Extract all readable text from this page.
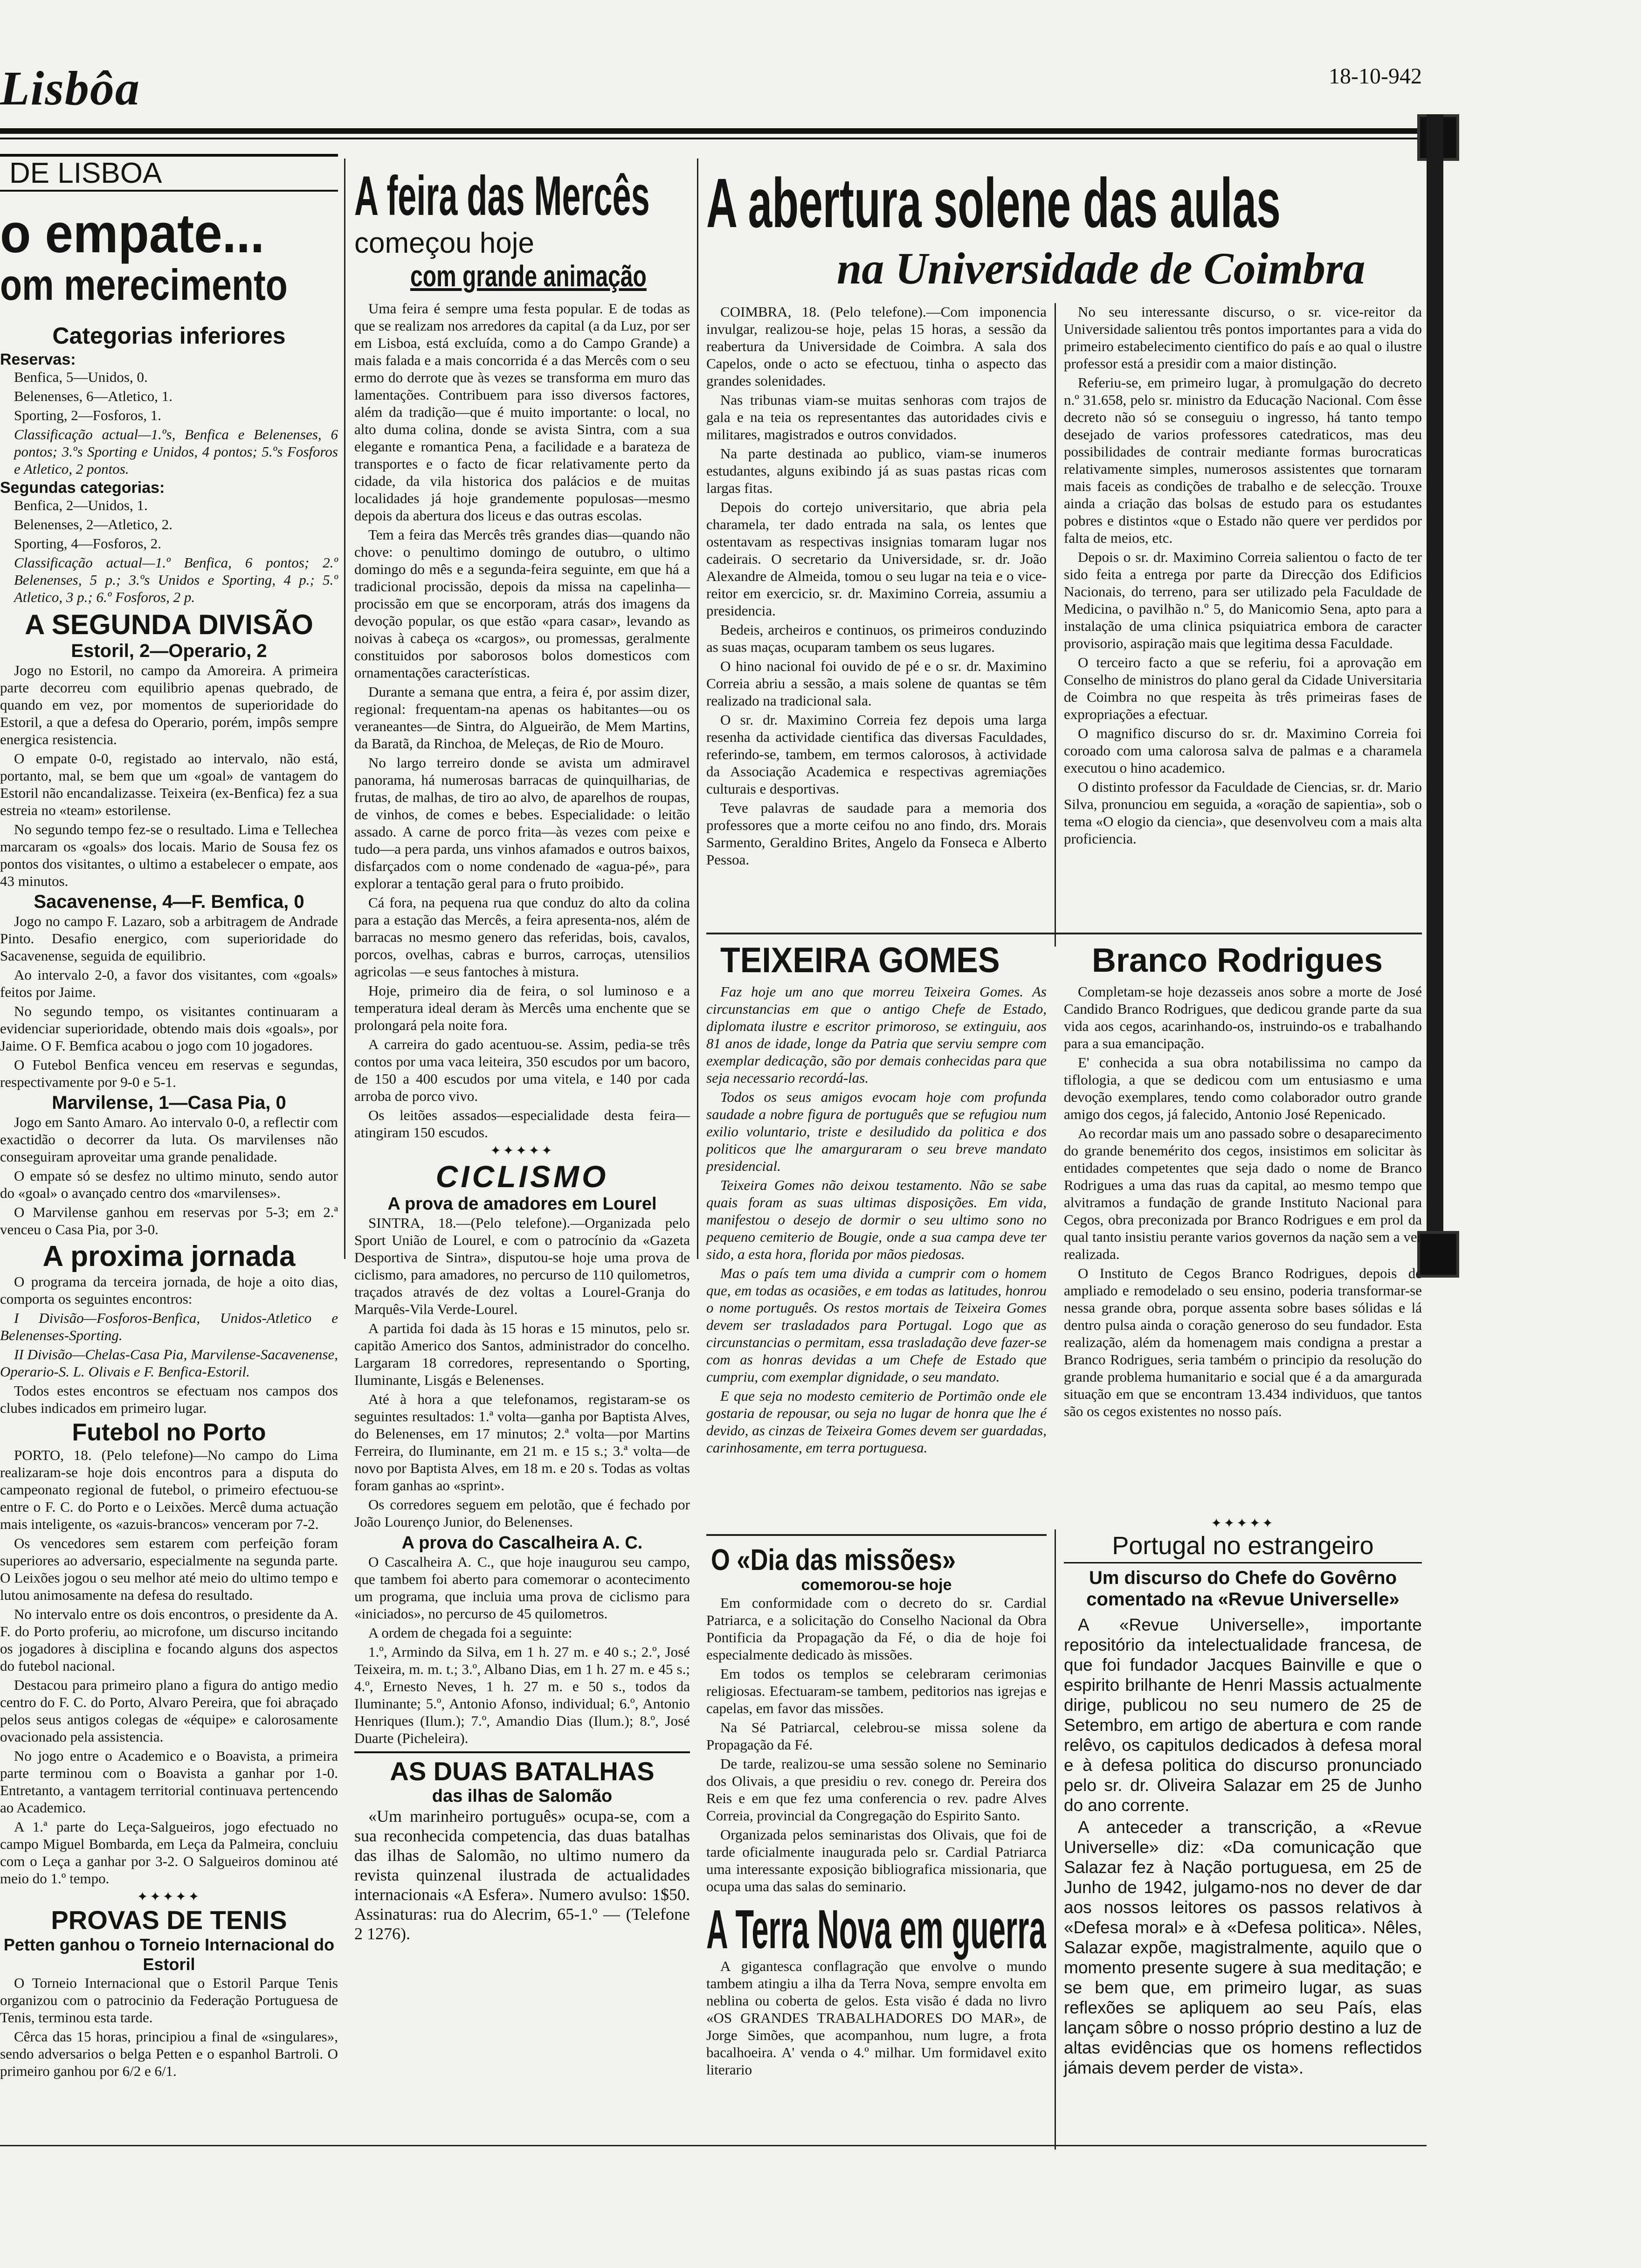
Lisbôa	18-10-942
DE LISBOA
o empate...
om merecimento
Categorias inferiores
Reservas:

Benfica, 5—Unidos, 0.

Belenenses, 6—Atletico, 1.

Sporting, 2—Fosforos, 1.

Classificação actual—1.ºs, Benfica e Belenenses, 6 pontos; 3.ºs Sporting e Unidos, 4 pontos; 5.ºs Fosforos e Atletico, 2 pontos.

Segundas categorias:

Benfica, 2—Unidos, 1.

Belenenses, 2—Atletico, 2.

Sporting, 4—Fosforos, 2.

Classificação actual—1.º Benfica, 6 pontos; 2.º Belenenses, 5 p.; 3.ºs Unidos e Sporting, 4 p.; 5.º Atletico, 3 p.; 6.º Fosforos, 2 p.

A SEGUNDA DIVISÃO
Estoril, 2—Operario, 2

Jogo no Estoril, no campo da Amoreira. A primeira parte decorreu com equilibrio apenas quebrado, de quando em vez, por momentos de superioridade do Estoril, a que a defesa do Operario, porém, impôs sempre energica resistencia.

O empate 0-0, registado ao intervalo, não está, portanto, mal, se bem que um «goal» de vantagem do Estoril não encandalizasse. Teixeira (ex-Benfica) fez a sua estreia no «team» estorilense.

No segundo tempo fez-se o resultado. Lima e Tellechea marcaram os «goals» dos locais. Mario de Sousa fez os pontos dos visitantes, o ultimo a estabelecer o empate, aos 43 minutos.

Sacavenense, 4—F. Bemfica, 0

Jogo no campo F. Lazaro, sob a arbitragem de Andrade Pinto. Desafio energico, com superioridade do Sacavenense, seguida de equilibrio.

Ao intervalo 2-0, a favor dos visitantes, com «goals» feitos por Jaime.

No segundo tempo, os visitantes continuaram a evidenciar superioridade, obtendo mais dois «goals», por Jaime. O F. Bemfica acabou o jogo com 10 jogadores.

O Futebol Benfica venceu em reservas e segundas, respectivamente por 9-0 e 5-1.

Marvilense, 1—Casa Pia, 0

Jogo em Santo Amaro. Ao intervalo 0-0, a reflectir com exactidão o decorrer da luta. Os marvilenses não conseguiram aproveitar uma grande penalidade.

O empate só se desfez no ultimo minuto, sendo autor do «goal» o avançado centro dos «marvilenses».

O Marvilense ganhou em reservas por 5-3; em 2.ª venceu o Casa Pia, por 3-0.

A proxima jornada

O programa da terceira jornada, de hoje a oito dias, comporta os seguintes encontros:

I Divisão—Fosforos-Benfica, Unidos-Atletico e Belenenses-Sporting.

II Divisão—Chelas-Casa Pia, Marvilense-Sacavenense, Operario-S. L. Olivais e F. Benfica-Estoril.

Todos estes encontros se efectuam nos campos dos clubes indicados em primeiro lugar.

Futebol no Porto

PORTO, 18. (Pelo telefone)—No campo do Lima realizaram-se hoje dois encontros para a disputa do campeonato regional de futebol, o primeiro efectuou-se entre o F. C. do Porto e o Leixões. Mercê duma actuação mais inteligente, os «azuis-brancos» venceram por 7-2.

Os vencedores sem estarem com perfeição foram superiores ao adversario, especialmente na segunda parte. O Leixões jogou o seu melhor até meio do ultimo tempo e lutou animosamente na defesa do resultado.

No intervalo entre os dois encontros, o presidente da A. F. do Porto proferiu, ao microfone, um discurso incitando os jogadores à disciplina e focando alguns dos aspectos do futebol nacional.

Destacou para primeiro plano a figura do antigo medio centro do F. C. do Porto, Alvaro Pereira, que foi abraçado pelos seus antigos colegas de «équipe» e calorosamente ovacionado pela assistencia.

No jogo entre o Academico e o Boavista, a primeira parte terminou com o Boavista a ganhar por 1-0. Entretanto, a vantagem territorial continuava pertencendo ao Academico.

A 1.ª parte do Leça-Salgueiros, jogo efectuado no campo Miguel Bombarda, em Leça da Palmeira, concluiu com o Leça a ganhar por 3-2. O Salgueiros dominou até meio do 1.º tempo.

✦✦✦✦✦
PROVAS DE TENIS
Petten ganhou o Torneio Internacional do Estoril

O Torneio Internacional que o Estoril Parque Tenis organizou com o patrocinio da Federação Portuguesa de Tenis, terminou esta tarde.

Cêrca das 15 horas, principiou a final de «singulares», sendo adversarios o belga Petten e o espanhol Bartroli. O primeiro ganhou por 6/2 e 6/1.

A feira das Mercês
começou hoje
com grande animação

Uma feira é sempre uma festa popular. E de todas as que se realizam nos arredores da capital (a da Luz, por ser em Lisboa, está excluída, como a do Campo Grande) a mais falada e a mais concorrida é a das Mercês com o seu ermo do derrote que às vezes se transforma em muro das lamentações. Contribuem para isso diversos factores, além da tradição—que é muito importante: o local, no alto duma colina, donde se avista Sintra, com a sua elegante e romantica Pena, a facilidade e a barateza de transportes e o facto de ficar relativamente perto da cidade, da vila historica dos palácios e de muitas localidades já hoje grandemente populosas—mesmo depois da abertura dos liceus e das outras escolas.

Tem a feira das Mercês três grandes dias—quando não chove: o penultimo domingo de outubro, o ultimo domingo do mês e a segunda-feira seguinte, em que há a tradicional procissão, depois da missa na capelinha—procissão em que se encorporam, atrás dos imagens da devoção popular, os que estão «para casar», levando as noivas à cabeça os «cargos», ou promessas, geralmente constituidos por saborosos bolos domesticos com ornamentações características.

Durante a semana que entra, a feira é, por assim dizer, regional: frequentam-na apenas os habitantes—ou os veraneantes—de Sintra, do Algueirão, de Mem Martins, da Baratã, da Rinchoa, de Meleças, de Rio de Mouro.

No largo terreiro donde se avista um admiravel panorama, há numerosas barracas de quinquilharias, de frutas, de malhas, de tiro ao alvo, de aparelhos de roupas, de vinhos, de comes e bebes. Especialidade: o leitão assado. A carne de porco frita—às vezes com peixe e tudo—a pera parda, uns vinhos afamados e outros baixos, disfarçados com o nome condenado de «agua-pé», para explorar a tentação geral para o fruto proibido.

Cá fora, na pequena rua que conduz do alto da colina para a estação das Mercês, a feira apresenta-nos, além de barracas no mesmo genero das referidas, bois, cavalos, porcos, ovelhas, cabras e burros, carroças, utensilios agricolas —e seus fantoches à mistura.

Hoje, primeiro dia de feira, o sol luminoso e a temperatura ideal deram às Mercês uma enchente que se prolongará pela noite fora.

A carreira do gado acentuou-se. Assim, pedia-se três contos por uma vaca leiteira, 350 escudos por um bacoro, de 150 a 400 escudos por uma vitela, e 140 por cada arroba de porco vivo.

Os leitões assados—especialidade desta feira—atingiram 150 escudos.

✦✦✦✦✦
CICLISMO
A prova de amadores em Lourel

SINTRA, 18.—(Pelo telefone).—Organizada pelo Sport União de Lourel, e com o patrocínio da «Gazeta Desportiva de Sintra», disputou-se hoje uma prova de ciclismo, para amadores, no percurso de 110 quilometros, traçados através de dez voltas a Lourel-Granja do Marquês-Vila Verde-Lourel.

A partida foi dada às 15 horas e 15 minutos, pelo sr. capitão Americo dos Santos, administrador do concelho. Largaram 18 corredores, representando o Sporting, Iluminante, Lisgás e Belenenses.

Até à hora a que telefonamos, registaram-se os seguintes resultados: 1.ª volta—ganha por Baptista Alves, do Belenenses, em 17 minutos; 2.ª volta—por Martins Ferreira, do Iluminante, em 21 m. e 15 s.; 3.ª volta—de novo por Baptista Alves, em 18 m. e 20 s. Todas as voltas foram ganhas ao «sprint».

Os corredores seguem em pelotão, que é fechado por João Lourenço Junior, do Belenenses.

A prova do Cascalheira A. C.

O Cascalheira A. C., que hoje inaugurou seu campo, que tambem foi aberto para comemorar o acontecimento um programa, que incluia uma prova de ciclismo para «iniciados», no percurso de 45 quilometros.

A ordem de chegada foi a seguinte:

1.º, Armindo da Silva, em 1 h. 27 m. e 40 s.; 2.º, José Teixeira, m. m. t.; 3.º, Albano Dias, em 1 h. 27 m. e 45 s.; 4.º, Ernesto Neves, 1 h. 27 m. e 50 s., todos da Iluminante; 5.º, Antonio Afonso, individual; 6.º, Antonio Henriques (Ilum.); 7.º, Amandio Dias (Ilum.); 8.º, José Duarte (Picheleira).

AS DUAS BATALHAS
das ilhas de Salomão

«Um marinheiro português» ocupa-se, com a sua reconhecida competencia, das duas batalhas das ilhas de Salomão, no ultimo numero da revista quinzenal ilustrada de actualidades internacionais «A Esfera». Numero avulso: 1$50. Assinaturas: rua do Alecrim, 65-1.º — (Telefone 2 1276).

A abertura solene das aulas
na Universidade de Coimbra

COIMBRA, 18. (Pelo telefone).—Com imponencia invulgar, realizou-se hoje, pelas 15 horas, a sessão da reabertura da Universidade de Coimbra. A sala dos Capelos, onde o acto se efectuou, tinha o aspecto das grandes solenidades.

Nas tribunas viam-se muitas senhoras com trajos de gala e na teia os representantes das autoridades civis e militares, magistrados e outros convidados.

Na parte destinada ao publico, viam-se inumeros estudantes, alguns exibindo já as suas pastas ricas com largas fitas.

Depois do cortejo universitario, que abria pela charamela, ter dado entrada na sala, os lentes que ostentavam as respectivas insignias tomaram lugar nos cadeirais. O secretario da Universidade, sr. dr. João Alexandre de Almeida, tomou o seu lugar na teia e o vice-reitor em exercicio, sr. dr. Maximino Correia, assumiu a presidencia.

Bedeis, archeiros e continuos, os primeiros conduzindo as suas maças, ocuparam tambem os seus lugares.

O hino nacional foi ouvido de pé e o sr. dr. Maximino Correia abriu a sessão, a mais solene de quantas se têm realizado na tradicional sala.

O sr. dr. Maximino Correia fez depois uma larga resenha da actividade cientifica das diversas Faculdades, referindo-se, tambem, em termos calorosos, à actividade da Associação Academica e respectivas agremiações culturais e desportivas.

Teve palavras de saudade para a memoria dos professores que a morte ceifou no ano findo, drs. Morais Sarmento, Geraldino Brites, Angelo da Fonseca e Alberto Pessoa.

No seu interessante discurso, o sr. vice-reitor da Universidade salientou três pontos importantes para a vida do primeiro estabelecimento cientifico do país e ao qual o ilustre professor está a presidir com a maior distinção.

Referiu-se, em primeiro lugar, à promulgação do decreto n.º 31.658, pelo sr. ministro da Educação Nacional. Com êsse decreto não só se conseguiu o ingresso, há tanto tempo desejado de varios professores catedraticos, mas deu possibilidades de contrair mediante formas burocraticas relativamente simples, numerosos assistentes que tornaram mais faceis as condições de trabalho e de selecção. Trouxe ainda a criação das bolsas de estudo para os estudantes pobres e distintos «que o Estado não quere ver perdidos por falta de meios, etc.

Depois o sr. dr. Maximino Correia salientou o facto de ter sido feita a entrega por parte da Direcção dos Edificios Nacionais, do terreno, para ser utilizado pela Faculdade de Medicina, o pavilhão n.º 5, do Manicomio Sena, apto para a instalação de uma clinica psiquiatrica embora de caracter provisorio, aspiração mais que legitima dessa Faculdade.

O terceiro facto a que se referiu, foi a aprovação em Conselho de ministros do plano geral da Cidade Universitaria de Coimbra no que respeita às três primeiras fases de expropriações a efectuar.

O magnifico discurso do sr. dr. Maximino Correia foi coroado com uma calorosa salva de palmas e a charamela executou o hino academico.

O distinto professor da Faculdade de Ciencias, sr. dr. Mario Silva, pronunciou em seguida, a «oração de sapientia», sob o tema «O elogio da ciencia», que desenvolveu com a mais alta proficiencia.

TEIXEIRA GOMES

Faz hoje um ano que morreu Teixeira Gomes. As circunstancias em que o antigo Chefe de Estado, diplomata ilustre e escritor primoroso, se extinguiu, aos 81 anos de idade, longe da Patria que serviu sempre com exemplar dedicação, são por demais conhecidas para que seja necessario recordá-las.

Todos os seus amigos evocam hoje com profunda saudade a nobre figura de português que se refugiou num exilio voluntario, triste e desiludido da politica e dos politicos que lhe amarguraram o seu breve mandato presidencial.

Teixeira Gomes não deixou testamento. Não se sabe quais foram as suas ultimas disposições. Em vida, manifestou o desejo de dormir o seu ultimo sono no pequeno cemiterio de Bougie, onde a sua campa deve ter sido, a esta hora, florida por mãos piedosas.

Mas o país tem uma divida a cumprir com o homem que, em todas as ocasiões, e em todas as latitudes, honrou o nome português. Os restos mortais de Teixeira Gomes devem ser trasladados para Portugal. Logo que as circunstancias o permitam, essa trasladação deve fazer-se com as honras devidas a um Chefe de Estado que cumpriu, com exemplar dignidade, o seu mandato.

E que seja no modesto cemiterio de Portimão onde ele gostaria de repousar, ou seja no lugar de honra que lhe é devido, as cinzas de Teixeira Gomes devem ser guardadas, carinhosamente, em terra portuguesa.

Branco Rodrigues

Completam-se hoje dezasseis anos sobre a morte de José Candido Branco Rodrigues, que dedicou grande parte da sua vida aos cegos, acarinhando-os, instruindo-os e trabalhando para a sua emancipação.

E' conhecida a sua obra notabilissima no campo da tiflologia, a que se dedicou com um entusiasmo e uma devoção exemplares, tendo como colaborador outro grande amigo dos cegos, já falecido, Antonio José Repenicado.

Ao recordar mais um ano passado sobre o desaparecimento do grande benemérito dos cegos, insistimos em solicitar às entidades competentes que seja dado o nome de Branco Rodrigues a uma das ruas da capital, ao mesmo tempo que alvitramos a fundação de grande Instituto Nacional para Cegos, obra preconizada por Branco Rodrigues e em prol da qual tanto insistiu perante varios governos da nação sem a ver realizada.

O Instituto de Cegos Branco Rodrigues, depois de ampliado e remodelado o seu ensino, poderia transformar-se nessa grande obra, porque assenta sobre bases sólidas e lá dentro pulsa ainda o coração generoso do seu fundador. Esta realização, além da homenagem mais condigna a prestar a Branco Rodrigues, seria também o principio da resolução do grande problema humanitario e social que é a da amargurada situação em que se encontram 13.434 individuos, que tantos são os cegos existentes no nosso país.

O «Dia das missões»
comemorou-se hoje

Em conformidade com o decreto do sr. Cardial Patriarca, e a solicitação do Conselho Nacional da Obra Pontificia da Propagação da Fé, o dia de hoje foi especialmente dedicado às missões.

Em todos os templos se celebraram cerimonias religiosas. Efectuaram-se tambem, peditorios nas igrejas e capelas, em favor das missões.

Na Sé Patriarcal, celebrou-se missa solene da Propagação da Fé.

De tarde, realizou-se uma sessão solene no Seminario dos Olivais, a que presidiu o rev. conego dr. Pereira dos Reis e em que fez uma conferencia o rev. padre Alves Correia, provincial da Congregação do Espirito Santo.

Organizada pelos seminaristas dos Olivais, que foi de tarde oficialmente inaugurada pelo sr. Cardial Patriarca uma interessante exposição bibliografica missionaria, que ocupa uma das salas do seminario.

A Terra Nova em guerra

A gigantesca conflagração que envolve o mundo tambem atingiu a ilha da Terra Nova, sempre envolta em neblina ou coberta de gelos. Esta visão é dada no livro «OS GRANDES TRABALHADORES DO MAR», de Jorge Simões, que acompanhou, num lugre, a frota bacalhoeira. A' venda o 4.º milhar. Um formidavel exito literario

✦✦✦✦✦
Portugal no estrangeiro
Um discurso do Chefe do Govêrno comentado na «Revue Universelle»

A «Revue Universelle», importante repositório da intelectualidade francesa, de que foi fundador Jacques Bainville e que o espirito brilhante de Henri Massis actualmente dirige, publicou no seu numero de 25 de Setembro, em artigo de abertura e com rande relêvo, os capitulos dedicados à defesa moral e à defesa politica do discurso pronunciado pelo sr. dr. Oliveira Salazar em 25 de Junho do ano corrente.

A anteceder a transcrição, a «Revue Universelle» diz: «Da comunicação que Salazar fez à Nação portuguesa, em 25 de Junho de 1942, julgamo-nos no dever de dar aos nossos leitores os passos relativos à «Defesa moral» e à «Defesa politica». Nêles, Salazar expõe, magistralmente, aquilo que o momento presente sugere à sua meditação; e se bem que, em primeiro lugar, as suas reflexões se apliquem ao seu País, elas lançam sôbre o nosso próprio destino a luz de altas evidências que os homens reflectidos jámais devem perder de vista».
